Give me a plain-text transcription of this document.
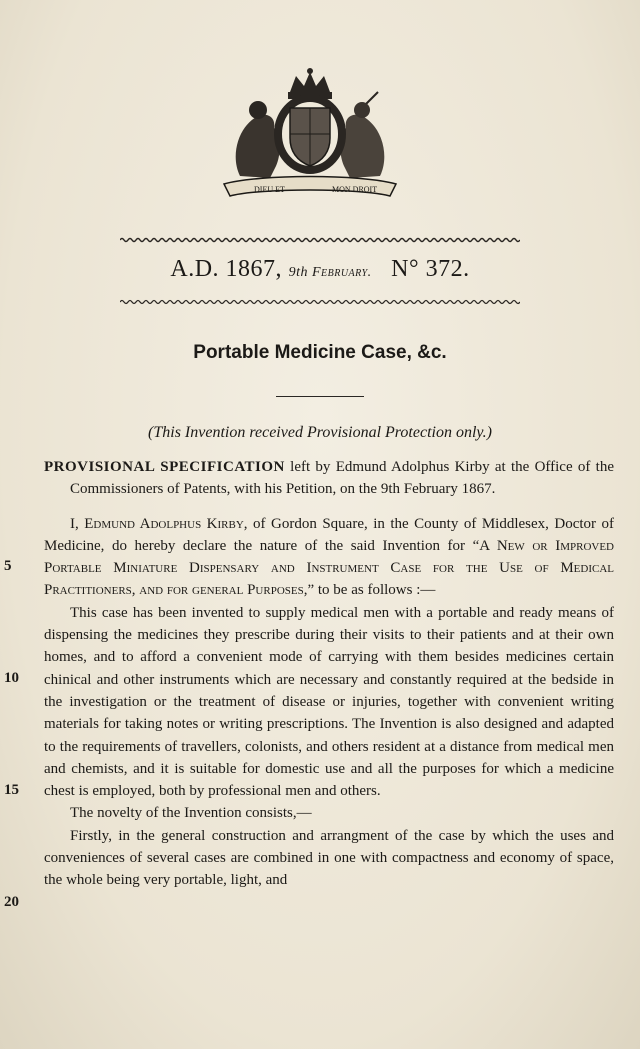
DIEU ET	MON DROIT
A.D. 1867, 9th February. N° 372.
Portable Medicine Case, &c.
(This Invention received Provisional Protection only.)

PROVISIONAL SPECIFICATION left by Edmund Adolphus Kirby at the Office of the Commissioners of Patents, with his Petition, on the 9th February 1867.

I, Edmund Adolphus Kirby, of Gordon Square, in the County of Middlesex, Doctor of Medicine, do hereby declare the nature of the said Invention for “A New or Improved Portable Miniature Dispensary and Instrument Case for the Use of Medical Practitioners, and for general Purposes,” to be as follows :—

This case has been invented to supply medical men with a portable and ready means of dispensing the medicines they prescribe during their visits to their patients and at their own homes, and to afford a convenient mode of carrying with them besides medicines certain chinical and other instruments which are necessary and constantly required at the bedside in the investigation or the treatment of disease or injuries, together with convenient writing materials for taking notes or writing prescriptions. The Invention is also designed and adapted to the requirements of travellers, colonists, and others resident at a distance from medical men and chemists, and it is suitable for domestic use and all the purposes for which a medicine chest is employed, both by professional men and others.

The novelty of the Invention consists,—

Firstly, in the general construction and arrangment of the case by which the uses and conveniences of several cases are combined in one with compactness and economy of space, the whole being very portable, light, and

5
10
15
20
